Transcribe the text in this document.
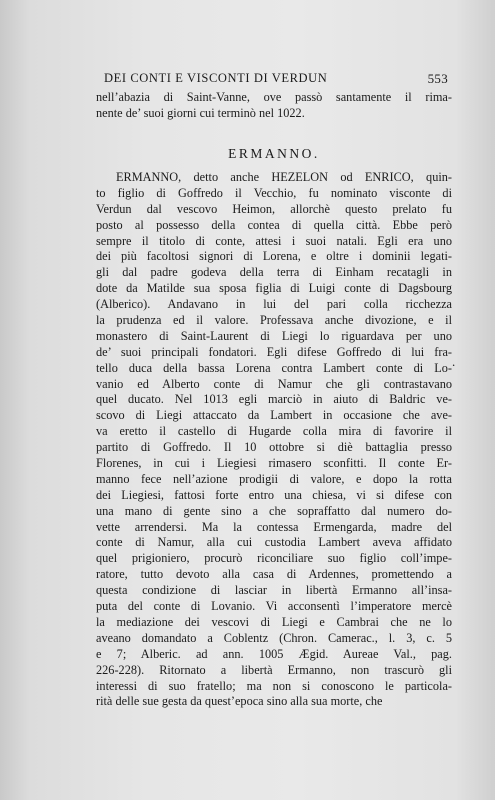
DEI CONTI E VISCONTI DI VERDUN	553
nell’abazia di Saint-Vanne, ove passò santamente il rima-
nente de’ suoi giorni cui terminò nel 1022.
ERMANNO.
ERMANNO, detto anche HEZELON od ENRICO, quin-
to figlio di Goffredo il Vecchio, fu nominato visconte di
Verdun dal vescovo Heimon, allorchè questo prelato fu
posto al possesso della contea di quella città. Ebbe però
sempre il titolo di conte, attesi i suoi natali. Egli era uno
dei più facoltosi signori di Lorena, e oltre i dominii legati-
gli dal padre godeva della terra di Einham recatagli in
dote da Matilde sua sposa figlia di Luigi conte di Dagsbourg
(Alberico). Andavano in lui del pari colla ricchezza
la prudenza ed il valore. Professava anche divozione, e il
monastero di Saint-Laurent di Liegi lo riguardava per uno
de’ suoi principali fondatori. Egli difese Goffredo di lui fra-
tello duca della bassa Lorena contra Lambert conte di Lo-
vanio ed Alberto conte di Namur che gli contrastavano
quel ducato. Nel 1013 egli marciò in aiuto di Baldric ve-
scovo di Liegi attaccato da Lambert in occasione che ave-
va eretto il castello di Hugarde colla mira di favorire il
partito di Goffredo. Il 10 ottobre si diè battaglia presso
Florenes, in cui i Liegiesi rimasero sconfitti. Il conte Er-
manno fece nell’azione prodigii di valore, e dopo la rotta
dei Liegiesi, fattosi forte entro una chiesa, vi si difese con
una mano di gente sino a che sopraffatto dal numero do-
vette arrendersi. Ma la contessa Ermengarda, madre del
conte di Namur, alla cui custodia Lambert aveva affidato
quel prigioniero, procurò riconciliare suo figlio coll’impe-
ratore, tutto devoto alla casa di Ardennes, promettendo a
questa condizione di lasciar in libertà Ermanno all’insa-
puta del conte di Lovanio. Vi acconsentì l’imperatore mercè
la mediazione dei vescovi di Liegi e Cambrai che ne lo
aveano domandato a Coblentz (Chron. Camerac., l. 3, c. 5
e 7; Alberic. ad ann. 1005 Ægid. Aureae Val., pag.
226-228). Ritornato a libertà Ermanno, non trascurò gli
interessi di suo fratello; ma non si conoscono le particola-
rità delle sue gesta da quest’epoca sino alla sua morte, che
.
